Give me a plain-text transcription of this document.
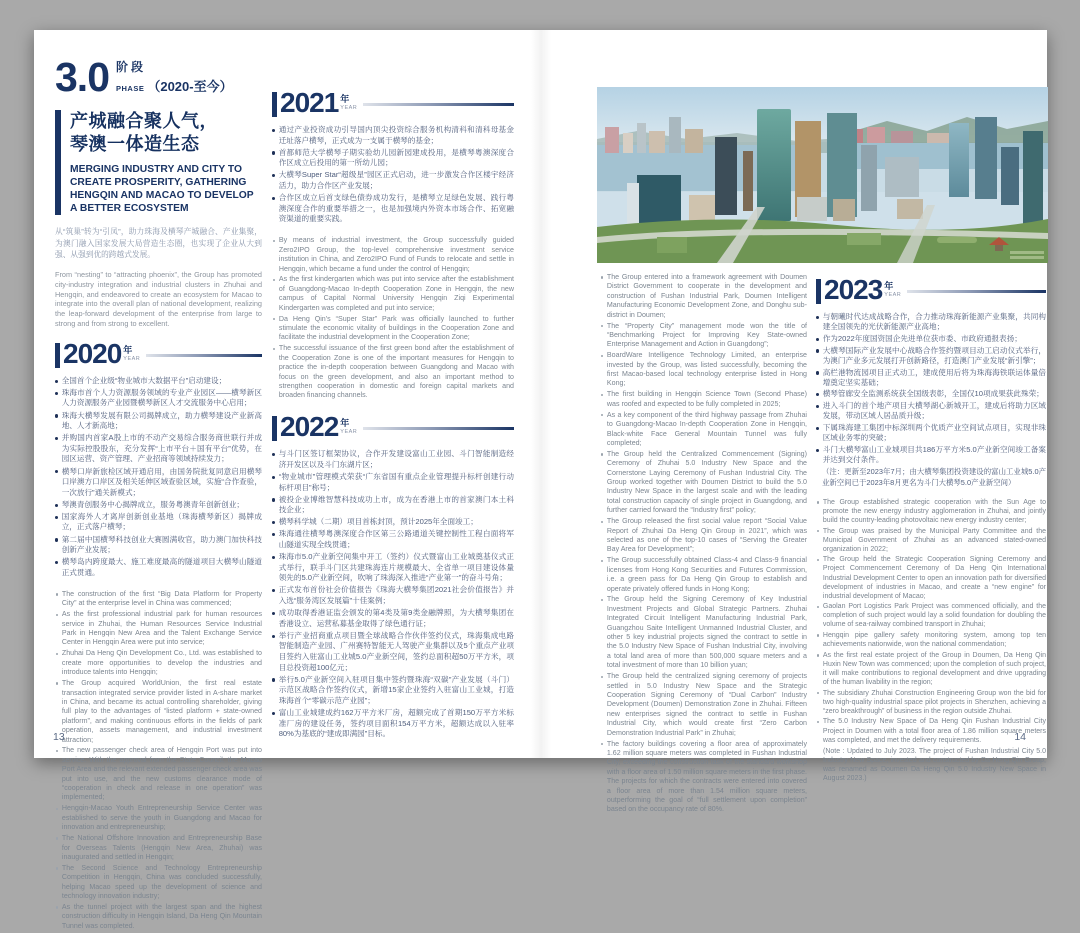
3.0 阶段
PHASE （2020-至今）
产城融合聚人气，
琴澳一体造生态
MERGING INDUSTRY AND CITY TO CREATE PROSPERITY, GATHERING HENGQIN AND MACAO TO DEVELOP A BETTER ECOSYSTEM
从“筑巢”转为“引凤”，助力珠海及横琴产城融合、产业集聚，为澳门融入国家发展大局营造生态圈，也实现了企业从大到强、从强到优的跨越式发展。
From “nesting” to “attracting phoenix”, the Group has promoted city-industry integration and industrial clusters in Zhuhai and Hengqin, and endeavored to create an ecosystem for Macao to integrate into the overall plan of national development, realizing the leap-forward development of the enterprise from large to strong and from strong to excellent.
2020 年
YEAR
全国首个企业级“物业城市大数据平台”启动建设；
珠海市首个人力资源服务领域的专业产业园区——横琴新区人力资源服务产业园暨横琴新区人才交流服务中心启用；
珠海大横琴发展有限公司揭牌成立，助力横琴建设产业新高地、人才新高地；
并购国内首家A股上市的不动产交易综合服务商世联行并成为实际控股股东，充分发挥“上市平台＋国有平台”优势，在园区运营、资产管理、产业招商等领域持续发力；
横琴口岸新旅检区域开通启用，由国务院批复同意启用横琴口岸澳方口岸区及相关延伸区域查验区域，实施“合作查验，一次放行”通关新模式；
琴澳青创服务中心揭牌成立，服务粤澳青年创新创业；
国家海外人才离岸创新创业基地（珠海横琴新区）揭牌成立，正式落户横琴；
第二届中国横琴科技创业大赛圆满收官，助力澳门加快科技创新产业发展；
横琴岛内跨度最大、施工难度最高的隧道项目大横琴山隧道正式贯通。
The construction of the first “Big Data Platform for Property City” at the enterprise level in China was commenced;
As the first professional industrial park for human resources service in Zhuhai, the Human Resources Service Industrial Park in Hengqin New Area and the Talent Exchange Service Center in Hengqin Area were put into service;
Zhuhai Da Heng Qin Development Co., Ltd. was established to create more opportunities to develop the industries and introduce talents into Hengqin;
The Group acquired WorldUnion, the first real estate transaction integrated service provider listed in A-share market in China, and became its actual controlling shareholder, giving full play to the advantages of “listed platform + state-owned platform”, and making continuous efforts in the fields of park operation, assets management, and industrial investment attraction;
The new passenger check area of Hengqin Port was put into service. With the approval from the State Council, the Macao Port Area and the relevant extended passenger check area was put into use, and the new customs clearance mode of “cooperation in check and release in one operation” was implemented;
Hengqin-Macao Youth Entrepreneurship Service Center was established to serve the youth in Guangdong and Macao for innovation and entrepreneurship;
The National Offshore Innovation and Entrepreneurship Base for Overseas Talents (Hengqin New Area, Zhuhai) was inaugurated and settled in Hengqin;
The Second Science and Technology Entrepreneurship Competition in Hengqin, China was concluded successfully, helping Macao speed up the development of science and technology innovation industry;
As the tunnel project with the largest span and the highest construction difficulty in Hengqin Island, Da Heng Qin Mountain Tunnel was completed.
2021 年
YEAR
通过产业投资成功引导国内顶尖投资综合服务机构清科和清科母基金迁址落户横琴，正式成为一支属于横琴的基金；
首都师范大学横琴子期实验幼儿园新园建成投用，是横琴粤澳深度合作区成立后投用的第一所幼儿园；
大横琴Super Star“超级星”园区正式启动，进一步激发合作区楼宇经济活力，助力合作区产业发展；
合作区成立后首支绿色债券成功发行，是横琴立足绿色发展、践行粤澳深度合作的重要举措之一，也是加强境内外资本市场合作、拓宽融资渠道的重要实践。
By means of industrial investment, the Group successfully guided Zero2IPO Group, the top-level comprehensive investment service institution in China, and Zero2IPO Fund of Funds to relocate and settle in Hengqin, which became a fund under the control of Hengqin;
As the first kindergarten which was put into service after the establishment of Guangdong-Macao In-depth Cooperation Zone in Hengqin, the new campus of Capital Normal University Hengqin Ziqi Experimental Kindergarten was completed and put into service;
Da Heng Qin’s “Super Star” Park was officially launched to further stimulate the economic vitality of buildings in the Cooperation Zone and facilitate the industrial development in the Cooperation Zone;
The successful issuance of the first green bond after the establishment of the Cooperation Zone is one of the important measures for Hengqin to practice the in-depth cooperation between Guangdong and Macao with focus on the green development, and also an important method to strengthen cooperation in domestic and foreign capital markets and broaden financing channels.
2022 年
YEAR
与斗门区签订框架协议，合作开发建设富山工业园、斗门智能制造经济开发区以及斗门东湖片区；
“物业城市”管理模式荣获“广东省国有重点企业管理提升标杆创建行动标杆项目”称号；
被投企业博维智慧科技成功上市，成为在香港上市的首家澳门本土科技企业；
横琴科学城（二期）项目首栋封顶，预计2025年全面竣工；
珠海通往横琴粤澳深度合作区第三公路通道关键控制性工程白面将军山隧道实现全线贯通；
珠海市5.0产业新空间集中开工（签约）仪式暨富山工业城奠基仪式正式举行，联手斗门区共建珠海连片规模最大、全省单一项目建设体量领先的5.0产业新空间，吹响了珠海深入推进“产业第一”的奋斗号角；
正式发布首份社会价值报告《珠海大横琴集团2021社会价值报告》并入选“服务湾区发展篇”十佳案例；
成功取得香港证监会颁发的第4类及第9类金融牌照，为大横琴集团在香港设立、运营私募基金取得了绿色通行证；
举行产业招商重点项目暨全球战略合作伙伴签约仪式，珠海集成电路智能制造产业园、广州赛特智能无人驾驶产业集群以及5个重点产业项目签约入驻富山工业城5.0产业新空间，签约总面积超50万平方米，项目总投资超100亿元；
举行5.0产业新空间入驻项目集中签约暨珠海“双碳”产业发展（斗门）示范区战略合作签约仪式，新增15家企业签约入驻富山工业城，打造珠海首个“零碳示范产业园”；
富山工业城建成约162万平方米厂房，超额完成了首期150万平方米标准厂房的建设任务，签约项目面积154万平方米，超额达成以入驻率80%为基底的“建成即满园”目标。
The Group entered into a framework agreement with Doumen District Government to cooperate in the development and construction of Fushan Industrial Park, Doumen Intelligent Manufacturing Economic Development Zone, and Donghu sub-district in Doumen;
The “Property City” management mode won the title of “Benchmarking Project for Improving Key State-owned Enterprise Management and Action in Guangdong”;
BoardWare Intelligence Technology Limited, an enterprise invested by the Group, was listed successfully, becoming the first Macao-based local technology enterprise listed in Hong Kong;
The first building in Hengqin Science Town (Second Phase) was roofed and expected to be fully completed in 2025;
As a key component of the third highway passage from Zhuhai to Guangdong-Macao In-depth Cooperation Zone in Hengqin, Black-white Face General Mountain Tunnel was fully completed;
The Group held the Centralized Commencement (Signing) Ceremony of Zhuhai 5.0 Industry New Space and the Cornerstone Laying Ceremony of Fushan Industrial City. The Group worked together with Doumen District to build the 5.0 Industry New Space in the largest scale and with the leading total construction capacity of single project in Guangdong, and further carried forward the “Industry first” policy;
The Group released the first social value report “Social Value Report of Zhuhai Da Heng Qin Group in 2021”, which was selected as one of the top-10 cases of “Serving the Greater Bay Area for Development”;
The Group successfully obtained Class-4 and Class-9 financial licenses from Hong Kong Securities and Futures Commission, i.e. a green pass for Da Heng Qin Group to establish and operate privately offered funds in Hong Kong;
The Group held the Signing Ceremony of Key Industrial Investment Projects and Global Strategic Partners. Zhuhai Integrated Circuit Intelligent Manufacturing Industrial Park, Guangzhou Saite Intelligent Unmanned Industrial Cluster, and other 5 key industrial projects signed the contract to settle in the 5.0 Industry New Space of Fushan Industrial City, involving a total land area of more than 500,000 square meters and a total investment of more than 10 billion yuan;
The Group held the centralized signing ceremony of projects settled in 5.0 Industry New Space and the Strategic Cooperation Signing Ceremony of “Dual Carbon” Industry Development (Doumen) Demonstration Zone in Zhuhai. Fifteen new enterprises signed the contract to settle in Fushan Industrial City, which would create first “Zero Carbon Demonstration Industrial Park” in Zhuhai;
The factory buildings covering a floor area of approximately 1.62 million square meters was completed in Fushan Industrial City, exceeding the construction task of the standard workshop with a floor area of 1.50 million square meters in the first phase. The projects for which the contracts were entered into covered a floor area of more than 1.54 million square meters, outperforming the goal of “full settlement upon completion” based on the occupancy rate of 80%.
2023 年
YEAR
与朝曦时代达成战略合作，合力推动珠海新能源产业集聚，共同构建全国领先的光伏新能源产业高地；
作为2022年度国资国企先进单位获市委、市政府通报表扬；
大横琴国际产业发展中心战略合作签约暨项目动工启动仪式举行，为澳门产业多元发展打开创新路径，打造澳门产业发展“新引擎”；
高栏港物流园项目正式动工，建成使用后将为珠海海铁联运体量倍增奠定坚实基础；
横琴管廊安全监测系统获全国级表彰，全国仅10项成果获此殊荣；
进入斗门的首个地产项目大横琴湖心新城开工，建成后将助力区域发展，带动区域人居品质升级；
下属珠海建工集团中标深圳两个优质产业空间试点项目，实现非珠区域业务零的突破；
斗门大横琴富山工业城项目共186万平方米5.0产业新空间竣工备案并达到交付条件。
（注：更新至2023年7月；由大横琴集团投资建设的富山工业城5.0产业新空间已于2023年8月更名为斗门大横琴5.0产业新空间）
The Group established strategic cooperation with the Sun Age to promote the new energy industry agglomeration in Zhuhai, and jointly build the country-leading photovoltaic new energy industry center;
The Group was praised by the Municipal Party Committee and the Municipal Government of Zhuhai as an advanced stated-owned organization in 2022;
The Group held the Strategic Cooperation Signing Ceremony and Project Commencement Ceremony of Da Heng Qin International Industrial Development Center to open an innovation path for diversified development of industries in Macao, and create a “new engine” for industrial development of Macao;
Gaolan Port Logistics Park Project was commenced officially, and the completion of such project would lay a solid foundation for doubling the volume of sea-railway combined transport in Zhuhai;
Hengqin pipe gallery safety monitoring system, among top ten achievements nationwide, won the national commendation;
As the first real estate project of the Group in Doumen, Da Heng Qin Huxin New Town was commenced; upon the completion of such project, it will make contributions to regional development and drive upgrading of the human livability in the region;
The subsidiary Zhuhai Construction Engineering Group won the bid for two high-quality industrial space pilot projects in Shenzhen, achieving a “zero breakthrough” of business in the region outside Zhuhai.
The 5.0 Industry New Space of Da Heng Qin Fushan Industrial City Project in Doumen with a total floor area of 1.86 million square meters was completed, and met the delivery requirements.
(Note : Updated to July 2023. The project of Fushan Industrial City 5.0 Industry New Space, invested and constructed by Da Heng Qin Group, was renamed as Doumen Da Heng Qin 5.0 Industry New Space in August 2023.)
13	14
